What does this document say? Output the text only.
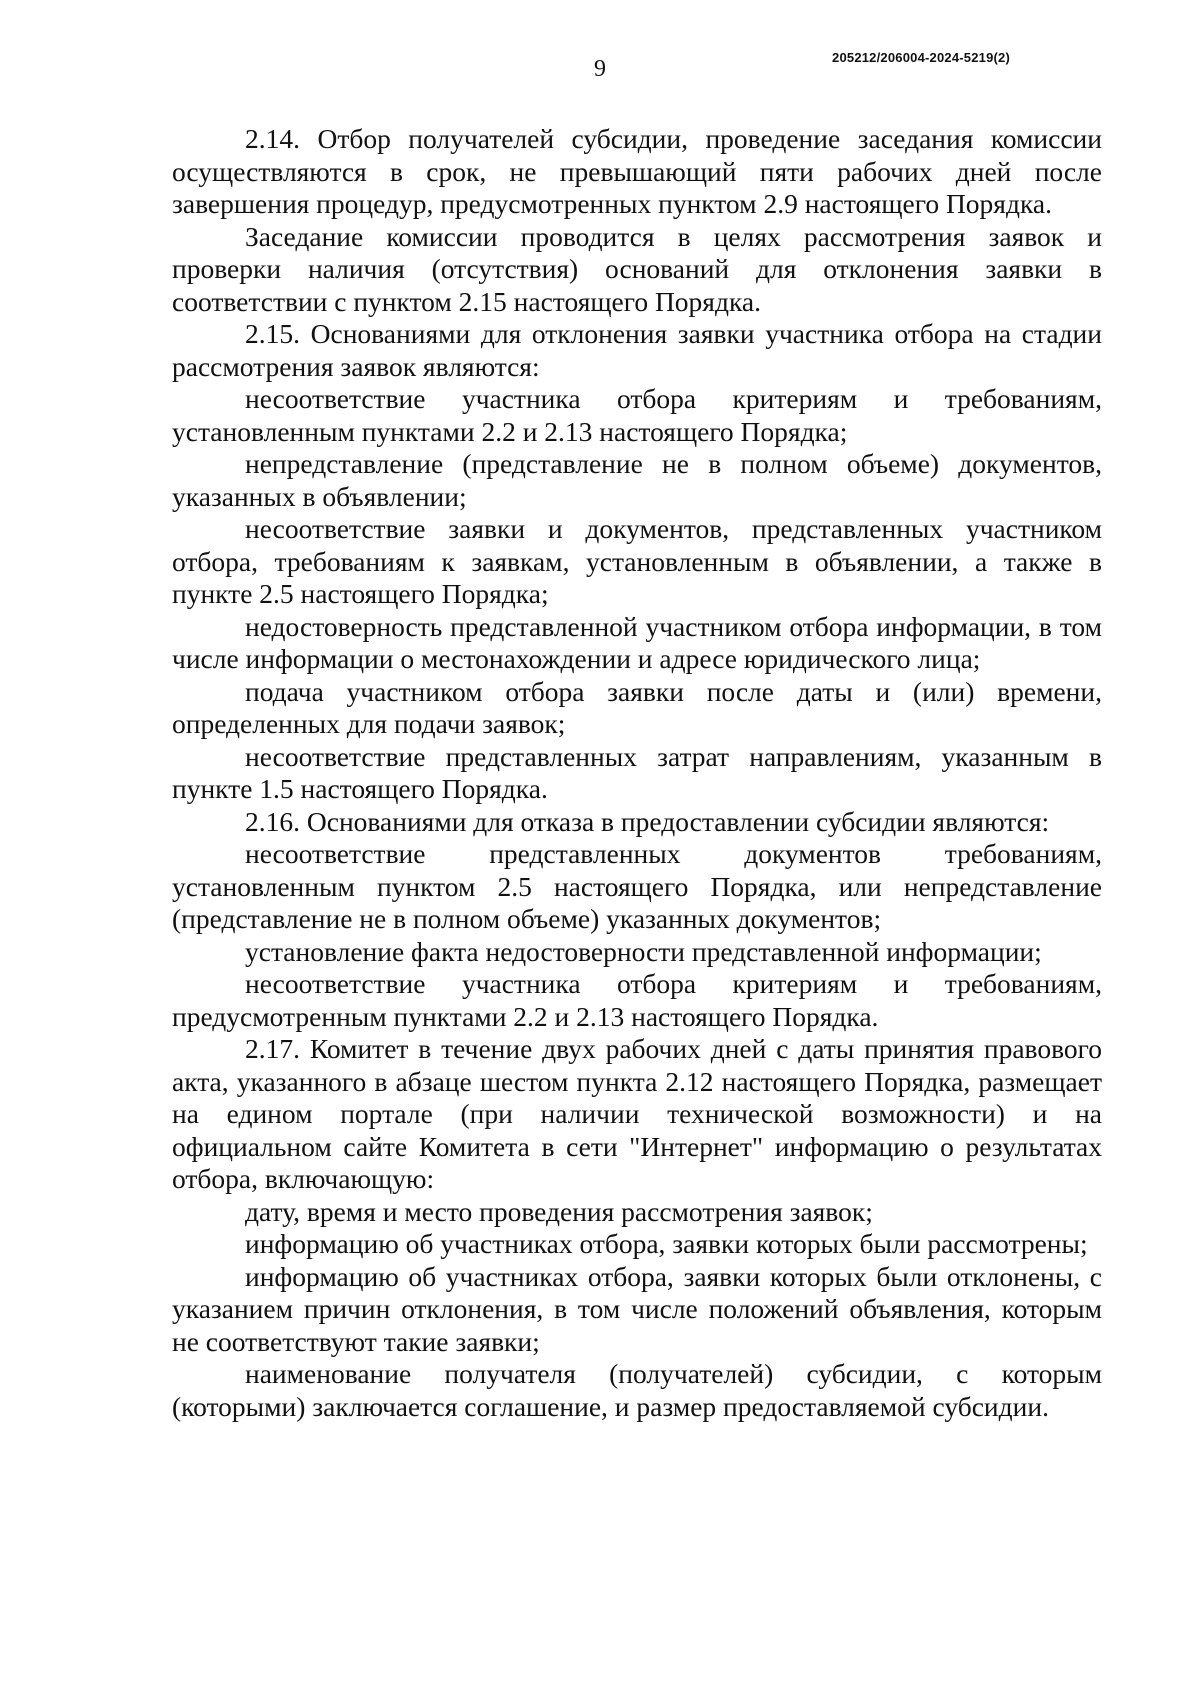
9	205212/206004-2024-5219(2)

2.14. Отбор получателей субсидии, проведение заседания комиссии осуществляются в срок, не превышающий пяти рабочих дней после завершения процедур, предусмотренных пунктом 2.9 настоящего Порядка.

Заседание комиссии проводится в целях рассмотрения заявок и проверки наличия (отсутствия) оснований для отклонения заявки в соответствии с пунктом 2.15 настоящего Порядка.

2.15. Основаниями для отклонения заявки участника отбора на стадии рассмотрения заявок являются:

несоответствие участника отбора критериям и требованиям, установленным пунктами 2.2 и 2.13 настоящего Порядка;

непредставление (представление не в полном объеме) документов, указанных в объявлении;

несоответствие заявки и документов, представленных участником отбора, требованиям к заявкам, установленным в объявлении, а также в пункте 2.5 настоящего Порядка;

недостоверность представленной участником отбора информации, в том числе информации о местонахождении и адресе юридического лица;

подача участником отбора заявки после даты и (или) времени, определенных для подачи заявок;

несоответствие представленных затрат направлениям, указанным в пункте 1.5 настоящего Порядка.

2.16. Основаниями для отказа в предоставлении субсидии являются:

несоответствие представленных документов требованиям, установленным пунктом 2.5 настоящего Порядка, или непредставление (представление не в полном объеме) указанных документов;

установление факта недостоверности представленной информации;

несоответствие участника отбора критериям и требованиям, предусмотренным пунктами 2.2 и 2.13 настоящего Порядка.

2.17. Комитет в течение двух рабочих дней с даты принятия правового акта, указанного в абзаце шестом пункта 2.12 настоящего Порядка, размещает на едином портале (при наличии технической возможности) и на официальном сайте Комитета в сети "Интернет" информацию о результатах отбора, включающую:

дату, время и место проведения рассмотрения заявок;

информацию об участниках отбора, заявки которых были рассмотрены;

информацию об участниках отбора, заявки которых были отклонены, с указанием причин отклонения, в том числе положений объявления, которым не соответствуют такие заявки;

наименование получателя (получателей) субсидии, с которым (которыми) заключается соглашение, и размер предоставляемой субсидии.
